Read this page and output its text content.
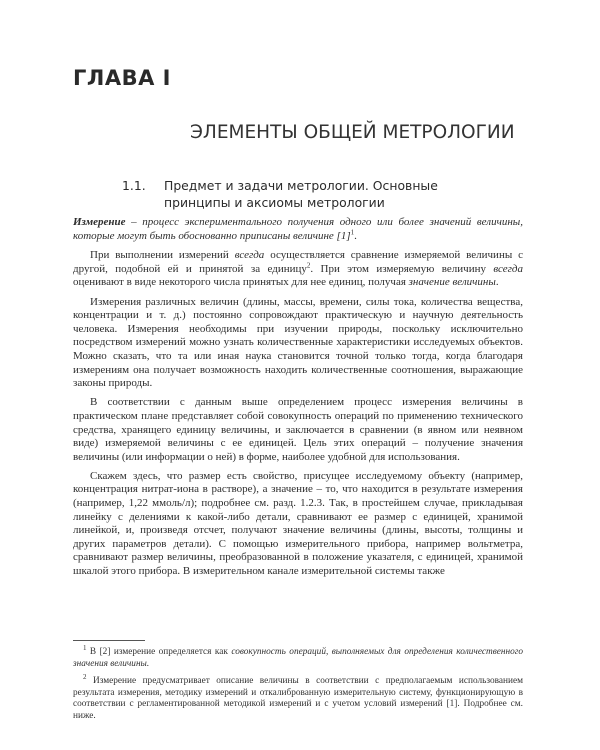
ГЛАВА I
ЭЛЕМЕНТЫ ОБЩЕЙ МЕТРОЛОГИИ
1.1. Предмет и задачи метрологии. Основные
принципы и аксиомы метрологии

Измерение – процесс экспериментального получения одного или более значений величины, которые могут быть обоснованно приписаны величине $[1]^1$.

При выполнении измерений всегда осуществляется сравнение измеряемой величины с другой, подобной ей и принятой за единицу$^2$. При этом измеряемую величину всегда оценивают в виде некоторого числа принятых для нее единиц, получая значение величины.

Измерения различных величин (длины, массы, времени, силы тока, количества вещества, концентрации и т. д.) постоянно сопровождают практическую и научную деятельность человека. Измерения необходимы при изучении природы, поскольку исключительно посредством измерений можно узнать количественные характеристики исследуемых объектов. Можно сказать, что та или иная наука становится точной только тогда, когда благодаря измерениям она получает возможность находить количественные соотношения, выражающие законы природы.

В соответствии с данным выше определением процесс измерения величины в практическом плане представляет собой совокупность операций по применению технического средства, хранящего единицу величины, и заключается в сравнении (в явном или неявном виде) измеряемой величины с ее единицей. Цель этих операций – получение значения величины (или информации о ней) в форме, наиболее удобной для использования.

Скажем здесь, что размер есть свойство, присущее исследуемому объекту (например, концентрация нитрат-иона в растворе), а значение – то, что находится в результате измерения (например, 1,22 ммоль/л); подробнее см. разд. 1.2.3. Так, в простейшем случае, прикладывая линейку с делениями к какой-либо детали, сравнивают ее размер с единицей, хранимой линейкой, и, произведя отсчет, получают значение величины (длины, высоты, толщины и других параметров детали). С помощью измерительного прибора, например вольтметра, сравнивают размер величины, преобразованной в положение указателя, с единицей, хранимой шкалой этого прибора. В измерительном канале измерительной системы также

$^1$ В [2] измерение определяется как совокупность операций, выполняемых для определения количественного значения величины.

$^2$ Измерение предусматривает описание величины в соответствии с предполагаемым использованием результата измерения, методику измерений и откалиброванную измерительную систему, функционирующую в соответствии с регламентированной методикой измерений и с учетом условий измерений [1]. Подробнее см. ниже.
